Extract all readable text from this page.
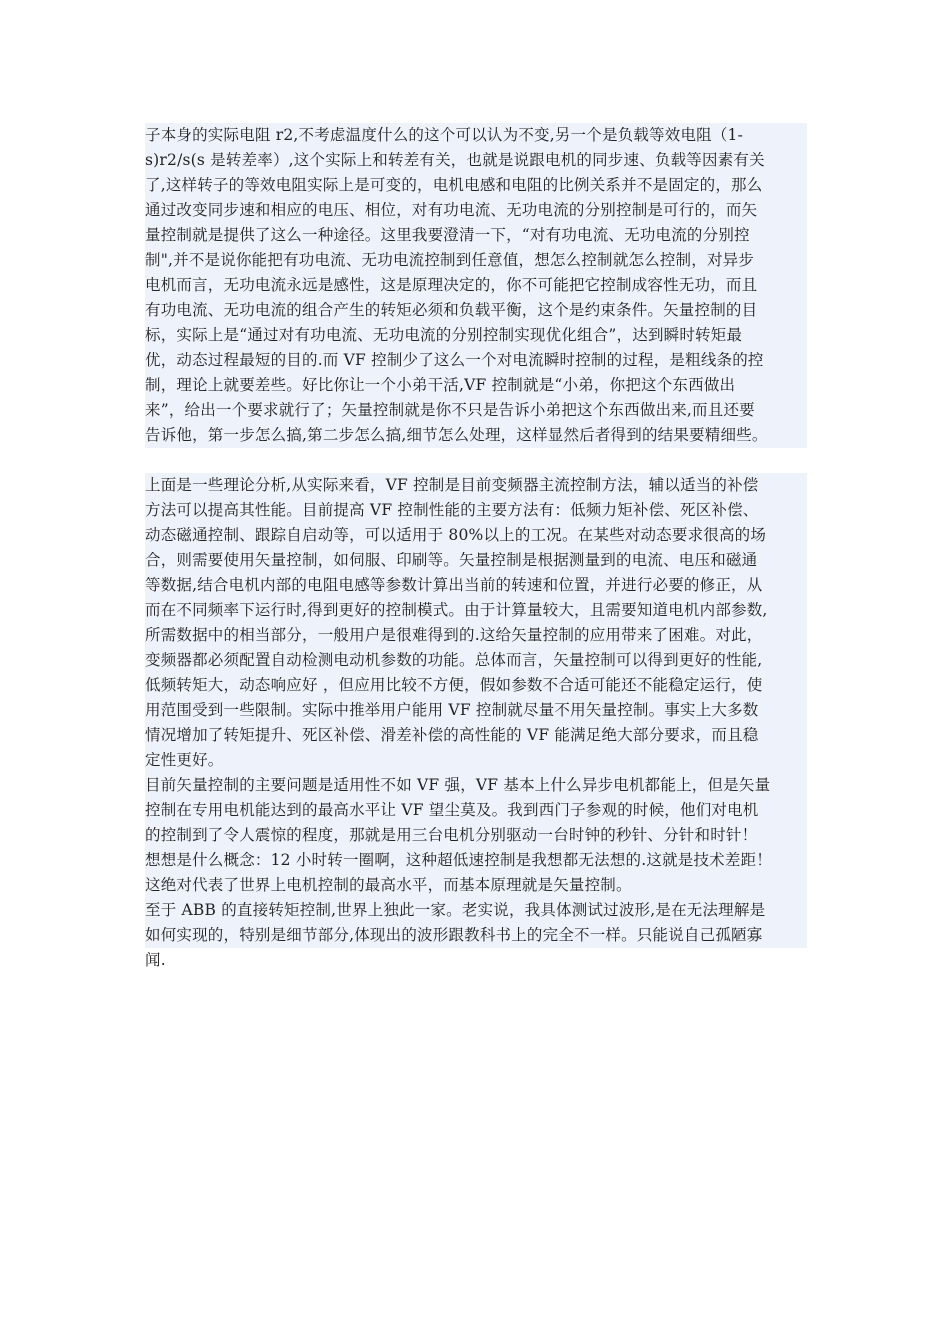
子本身的实际电阻 r2,不考虑温度什么的这个可以认为不变,另一个是负载等效电阻（1-
s)r2/s(s 是转差率）,这个实际上和转差有关，也就是说跟电机的同步速、负载等因素有关
了,这样转子的等效电阻实际上是可变的，电机电感和电阻的比例关系并不是固定的，那么
通过改变同步速和相应的电压、相位，对有功电流、无功电流的分别控制是可行的，而矢
量控制就是提供了这么一种途径。这里我要澄清一下，“对有功电流、无功电流的分别控
制",并不是说你能把有功电流、无功电流控制到任意值，想怎么控制就怎么控制，对异步
电机而言，无功电流永远是感性，这是原理决定的，你不可能把它控制成容性无功，而且
有功电流、无功电流的组合产生的转矩必须和负载平衡，这个是约束条件。矢量控制的目
标，实际上是“通过对有功电流、无功电流的分别控制实现优化组合”，达到瞬时转矩最
优，动态过程最短的目的.而 VF 控制少了这么一个对电流瞬时控制的过程，是粗线条的控
制，理论上就要差些。好比你让一个小弟干活,VF 控制就是“小弟，你把这个东西做出
来”，给出一个要求就行了；矢量控制就是你不只是告诉小弟把这个东西做出来,而且还要
告诉他，第一步怎么搞,第二步怎么搞,细节怎么处理，这样显然后者得到的结果要精细些。
上面是一些理论分析,从实际来看，VF 控制是目前变频器主流控制方法，辅以适当的补偿
方法可以提高其性能。目前提高 VF 控制性能的主要方法有：低频力矩补偿、死区补偿、
动态磁通控制、跟踪自启动等，可以适用于 80%以上的工况。在某些对动态要求很高的场
合，则需要使用矢量控制，如伺服、印刷等。矢量控制是根据测量到的电流、电压和磁通
等数据,结合电机内部的电阻电感等参数计算出当前的转速和位置，并进行必要的修正，从
而在不同频率下运行时,得到更好的控制模式。由于计算量较大，且需要知道电机内部参数,
所需数据中的相当部分，一般用户是很难得到的.这给矢量控制的应用带来了困难。对此，
变频器都必须配置自动检测电动机参数的功能。总体而言，矢量控制可以得到更好的性能,
低频转矩大，动态响应好 ，但应用比较不方便，假如参数不合适可能还不能稳定运行，使
用范围受到一些限制。实际中推举用户能用 VF 控制就尽量不用矢量控制。事实上大多数
情况增加了转矩提升、死区补偿、滑差补偿的高性能的 VF 能满足绝大部分要求，而且稳
定性更好。
目前矢量控制的主要问题是适用性不如 VF 强，VF 基本上什么异步电机都能上，但是矢量
控制在专用电机能达到的最高水平让 VF 望尘莫及。我到西门子参观的时候，他们对电机
的控制到了令人震惊的程度，那就是用三台电机分别驱动一台时钟的秒针、分针和时针！
想想是什么概念：12 小时转一圈啊，这种超低速控制是我想都无法想的.这就是技术差距！
这绝对代表了世界上电机控制的最高水平，而基本原理就是矢量控制。
至于 ABB 的直接转矩控制,世界上独此一家。老实说，我具体测试过波形,是在无法理解是
如何实现的，特别是细节部分,体现出的波形跟教科书上的完全不一样。只能说自己孤陋寡
闻.
